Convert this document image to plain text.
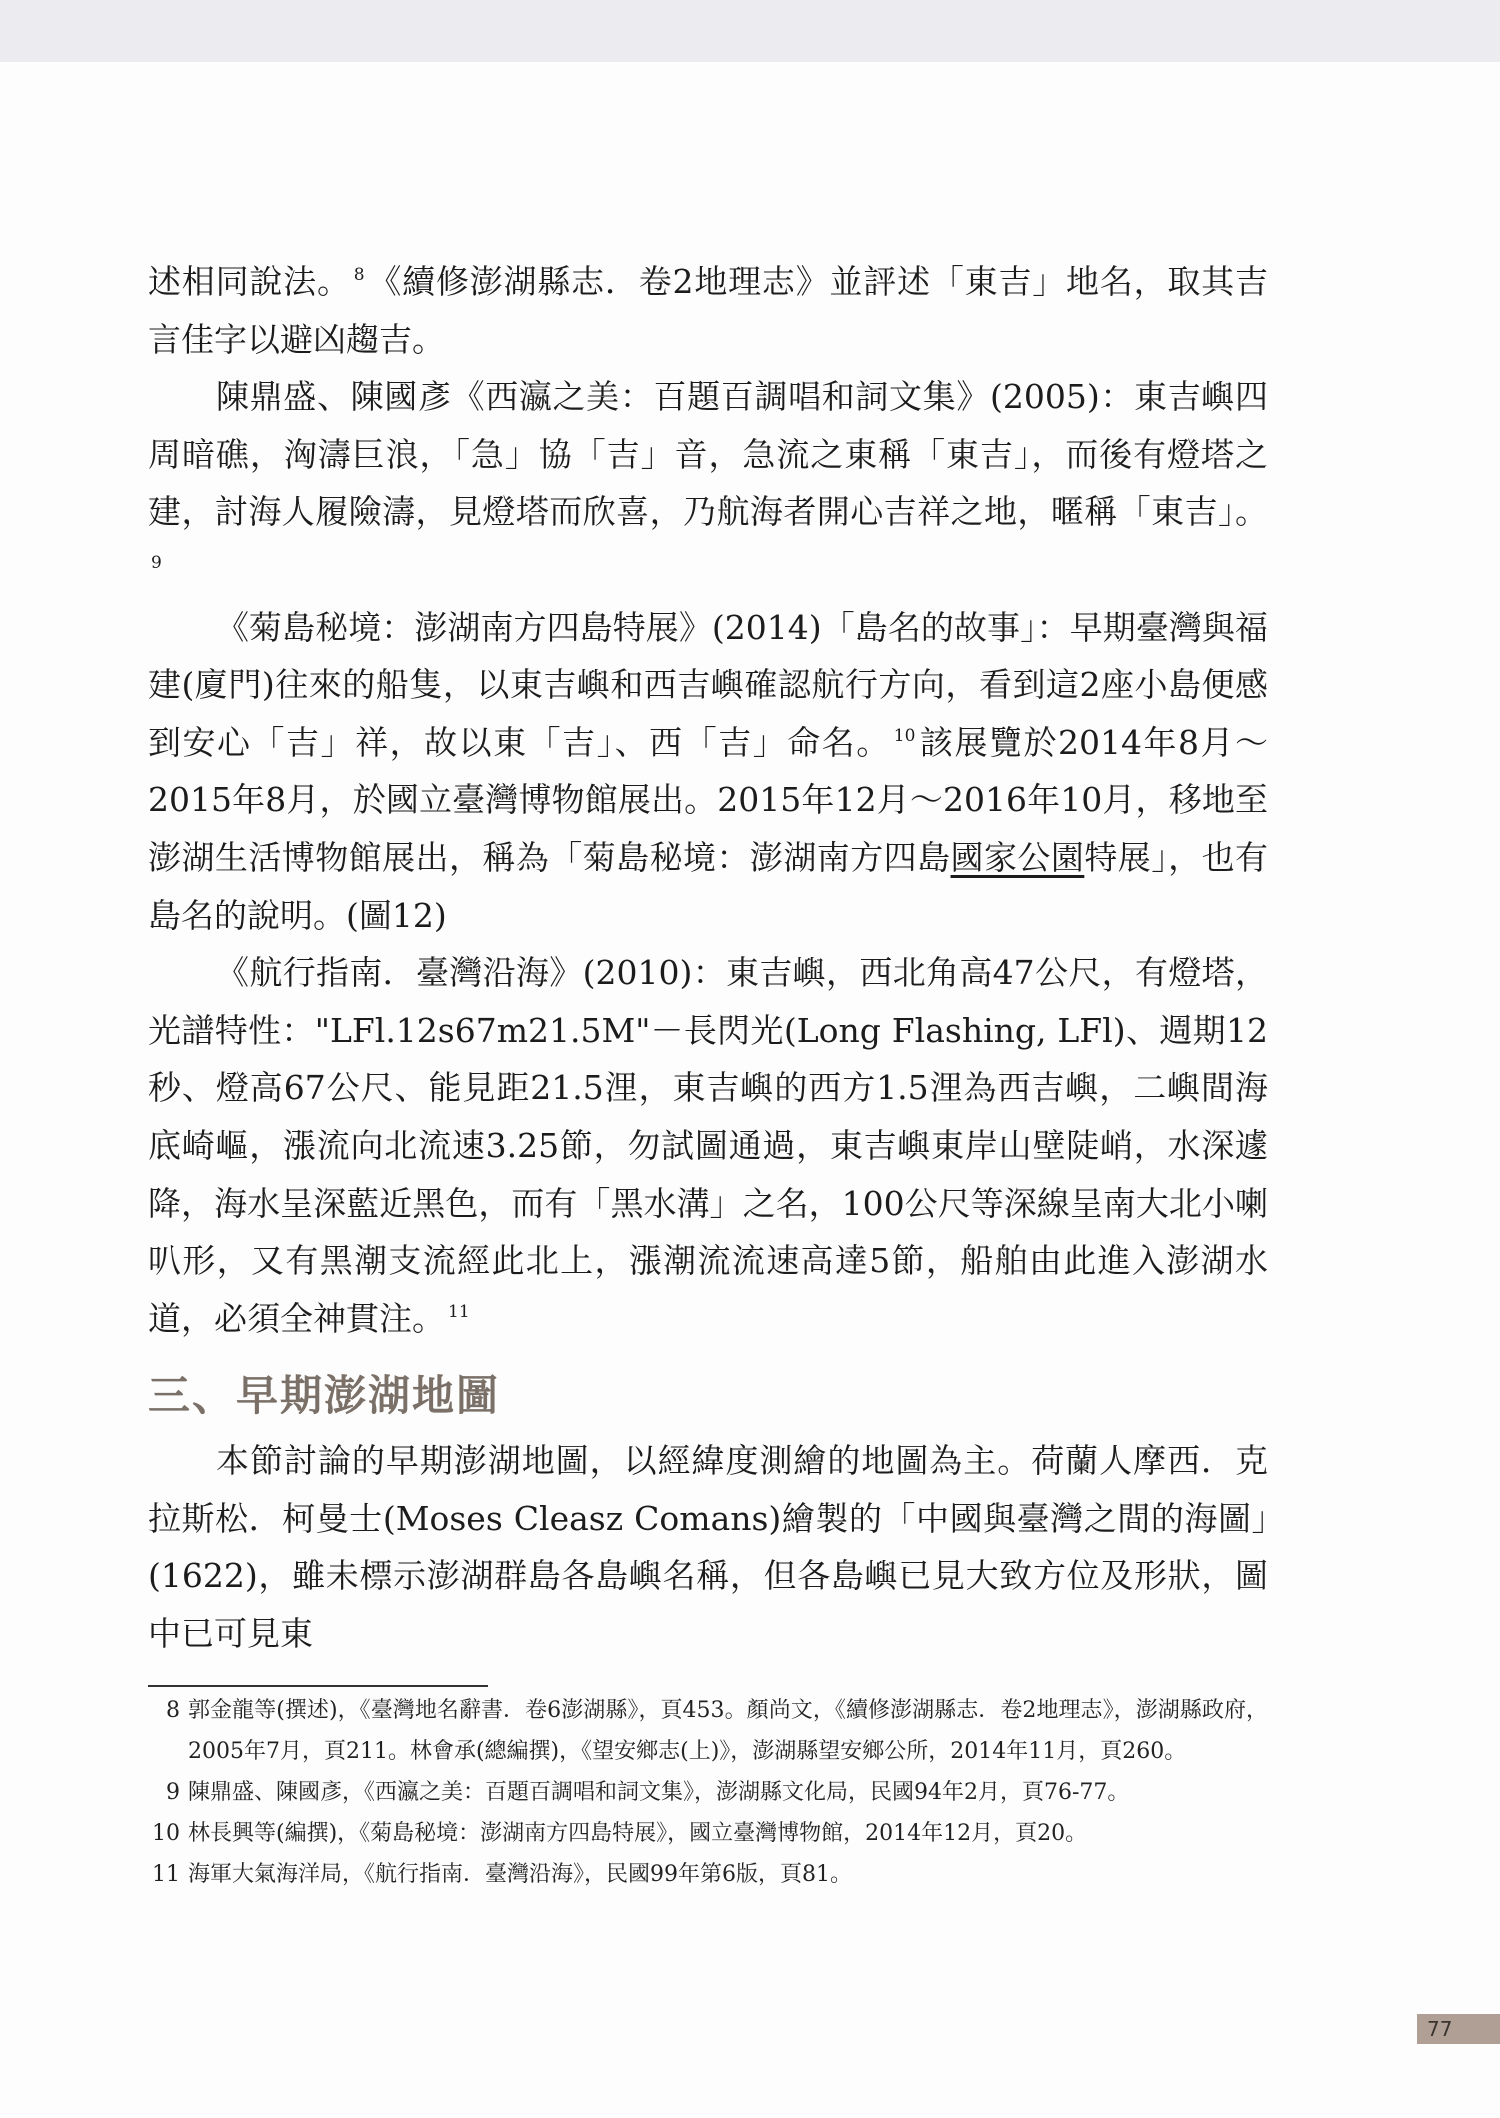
述相同說法。 $^8$《續修澎湖縣志．卷2地理志》並評述「東吉」地名，取其吉言佳字以避凶趨吉。

陳鼎盛、陳國彥《西瀛之美：百題百調唱和詞文集》(2005)：東吉嶼四周暗礁，洶濤巨浪，「急」協「吉」音，急流之東稱「東吉」，而後有燈塔之建，討海人履險濤，見燈塔而欣喜，乃航海者開心吉祥之地，暱稱「東吉」。$^9$

《菊島秘境：澎湖南方四島特展》(2014)「島名的故事」：早期臺灣與福建(廈門)往來的船隻，以東吉嶼和西吉嶼確認航行方向，看到這2座小島便感到安心「吉」祥，故以東「吉」、西「吉」命名。 $^{10}$該展覽於2014年8月～2015年8月，於國立臺灣博物館展出。2015年12月～2016年10月，移地至澎湖生活博物館展出，稱為「菊島秘境：澎湖南方四島國家公園特展」，也有島名的說明。(圖12)

《航行指南．臺灣沿海》(2010)：東吉嶼，西北角高47公尺，有燈塔，光譜特性："LFl.12s67m21.5M"－長閃光(Long Flashing, LFl)、週期12秒、燈高67公尺、能見距21.5浬，東吉嶼的西方1.5浬為西吉嶼，二嶼間海底崎嶇，漲流向北流速3.25節，勿試圖通過，東吉嶼東岸山壁陡峭，水深遽降，海水呈深藍近黑色，而有「黑水溝」之名，100公尺等深線呈南大北小喇叭形，又有黑潮支流經此北上，漲潮流流速高達5節，船舶由此進入澎湖水道，必須全神貫注。 $^{11}$

三、早期澎湖地圖

本節討論的早期澎湖地圖，以經緯度測繪的地圖為主。荷蘭人摩西．克拉斯松．柯曼士(Moses Cleasz Comans)繪製的「中國與臺灣之間的海圖」(1622)，雖未標示澎湖群島各島嶼名稱，但各島嶼已見大致方位及形狀，圖中已可見東

8 郭金龍等(撰述)，《臺灣地名辭書．卷6澎湖縣》，頁453。顏尚文，《續修澎湖縣志．卷2地理志》，澎湖縣政府，2005年7月，頁211。林會承(總編撰)，《望安鄉志(上)》，澎湖縣望安鄉公所，2014年11月，頁260。
9 陳鼎盛、陳國彥，《西瀛之美：百題百調唱和詞文集》，澎湖縣文化局，民國94年2月，頁76-77。
10 林長興等(編撰)，《菊島秘境：澎湖南方四島特展》，國立臺灣博物館，2014年12月，頁20。
11 海軍大氣海洋局，《航行指南．臺灣沿海》，民國99年第6版，頁81。
77
